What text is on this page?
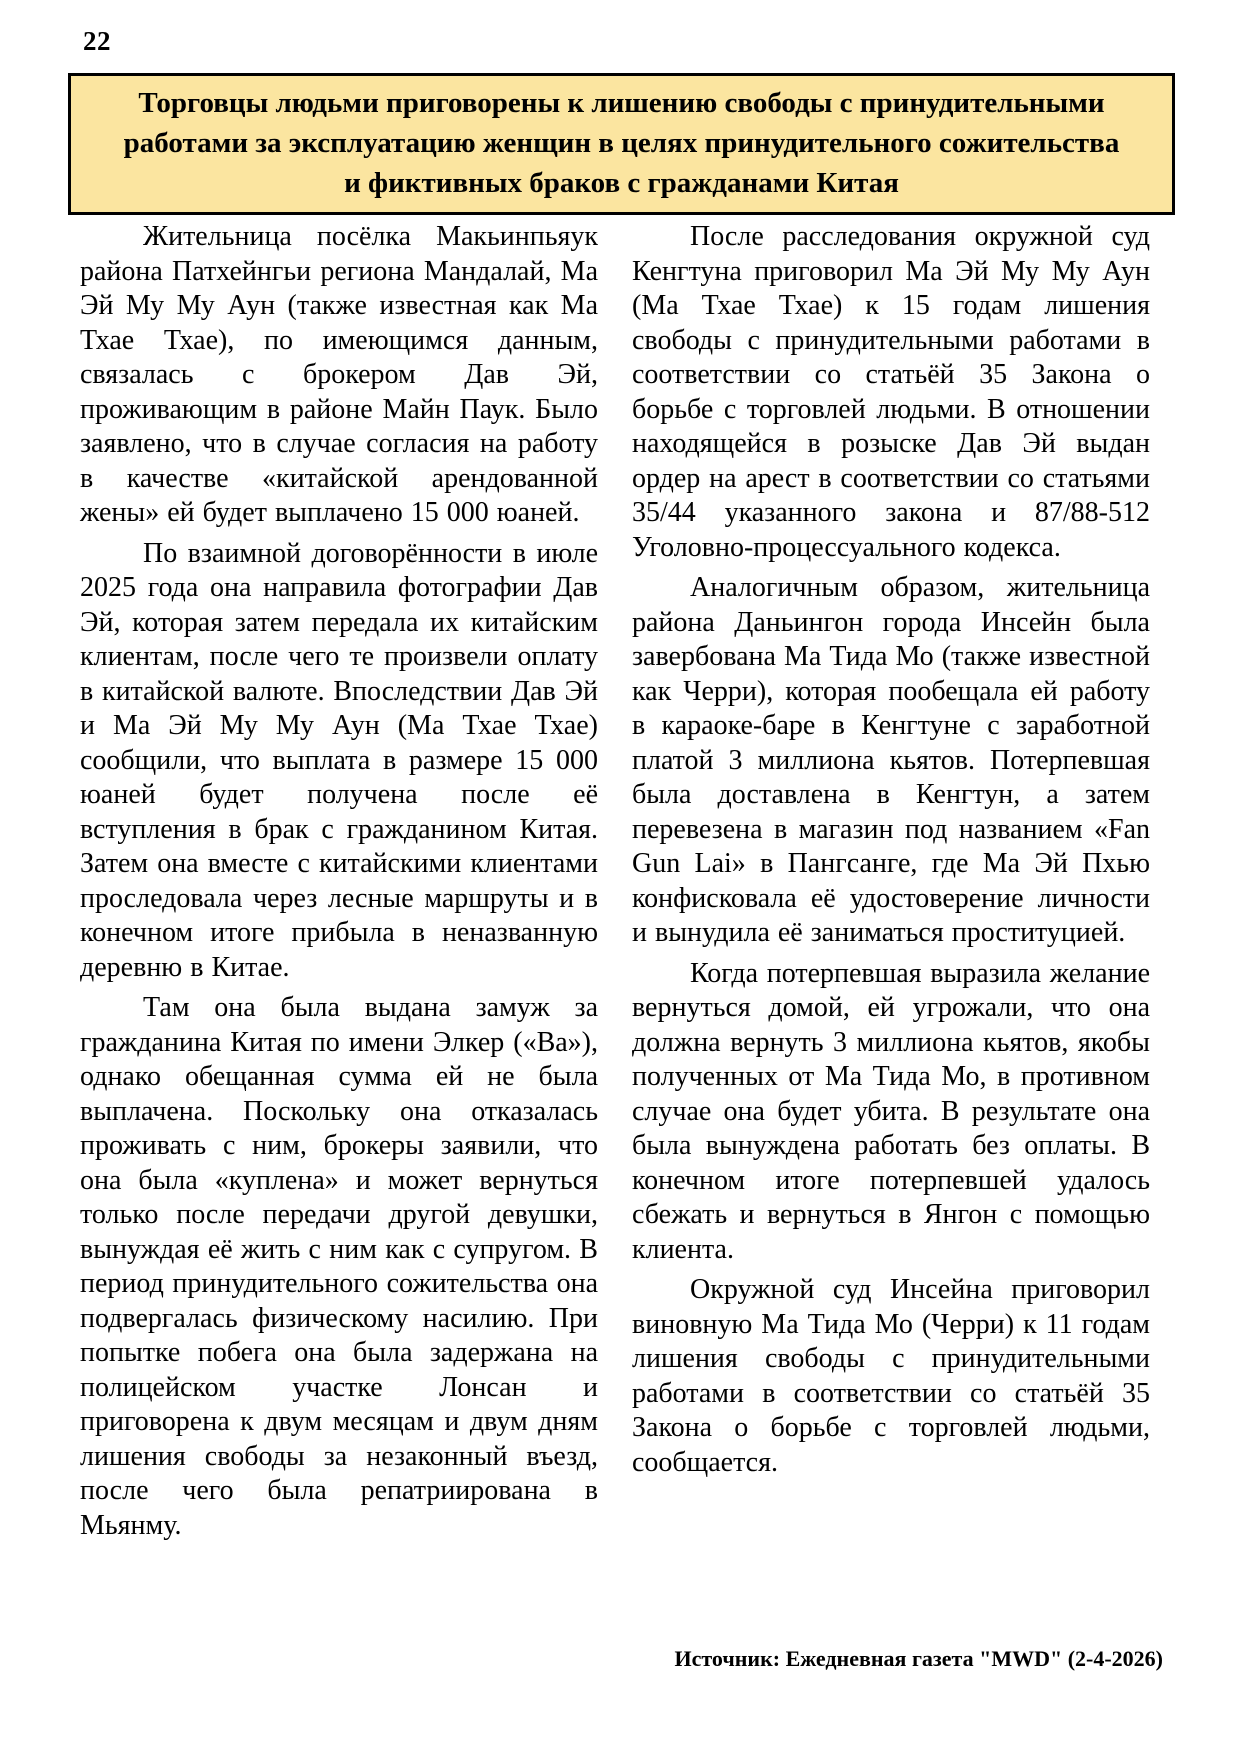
22
Торговцы людьми приговорены к лишению свободы с принудительными
работами за эксплуатацию женщин в целях принудительного сожительства
и фиктивных браков с гражданами Китая

Жительница посёлка Макьинпьяук района Патхейнгьи региона Мандалай, Ма Эй Му Му Аун (также известная как Ма Тхае Тхае), по имеющимся данным, связалась с брокером Дав Эй, проживающим в районе Майн Паук. Было заявлено, что в случае согласия на работу в качестве «китайской арендованной жены» ей будет выплачено 15 000 юаней.

По взаимной договорённости в июле 2025 года она направила фотографии Дав Эй, которая затем передала их китайским клиентам, после чего те произвели оплату в китайской валюте. Впоследствии Дав Эй и Ма Эй Му Му Аун (Ма Тхае Тхае) сообщили, что выплата в размере 15 000 юаней будет получена после её вступления в брак с гражданином Китая. Затем она вместе с китайскими клиентами проследовала через лесные маршруты и в конечном итоге прибыла в неназванную деревню в Китае.

Там она была выдана замуж за гражданина Китая по имени Элкер («Ва»), однако обещанная сумма ей не была выплачена. Поскольку она отказалась проживать с ним, брокеры заявили, что она была «куплена» и может вернуться только после передачи другой девушки, вынуждая её жить с ним как с супругом. В период принудительного сожительства она подвергалась физическому насилию. При попытке побега она была задержана на полицейском участке Лонсан и приговорена к двум месяцам и двум дням лишения свободы за незаконный въезд, после чего была репатриирована в Мьянму.

После расследования окружной суд Кенгтуна приговорил Ма Эй Му Му Аун (Ма Тхае Тхае) к 15 годам лишения свободы с принудительными работами в соответствии со статьёй 35 Закона о борьбе с торговлей людьми. В отношении находящейся в розыске Дав Эй выдан ордер на арест в соответствии со статьями 35/44 указанного закона и 87/88-512 Уголовно-процессуального кодекса.

Аналогичным образом, жительница района Даньингон города Инсейн была завербована Ма Тида Мо (также известной как Черри), которая пообещала ей работу в караоке-баре в Кенгтуне с заработной платой 3 миллиона кьятов. Потерпевшая была доставлена в Кенгтун, а затем перевезена в магазин под названием «Fan Gun Lai» в Пангсанге, где Ма Эй Пхью конфисковала её удостоверение личности и вынудила её заниматься проституцией.

Когда потерпевшая выразила желание вернуться домой, ей угрожали, что она должна вернуть 3 миллиона кьятов, якобы полученных от Ма Тида Мо, в противном случае она будет убита. В результате она была вынуждена работать без оплаты. В конечном итоге потерпевшей удалось сбежать и вернуться в Янгон с помощью клиента.

Окружной суд Инсейна приговорил виновную Ма Тида Мо (Черри) к 11 годам лишения свободы с принудительными работами в соответствии со статьёй 35 Закона о борьбе с торговлей людьми, сообщается.

Источник: Ежедневная газета "MWD" (2-4-2026)
